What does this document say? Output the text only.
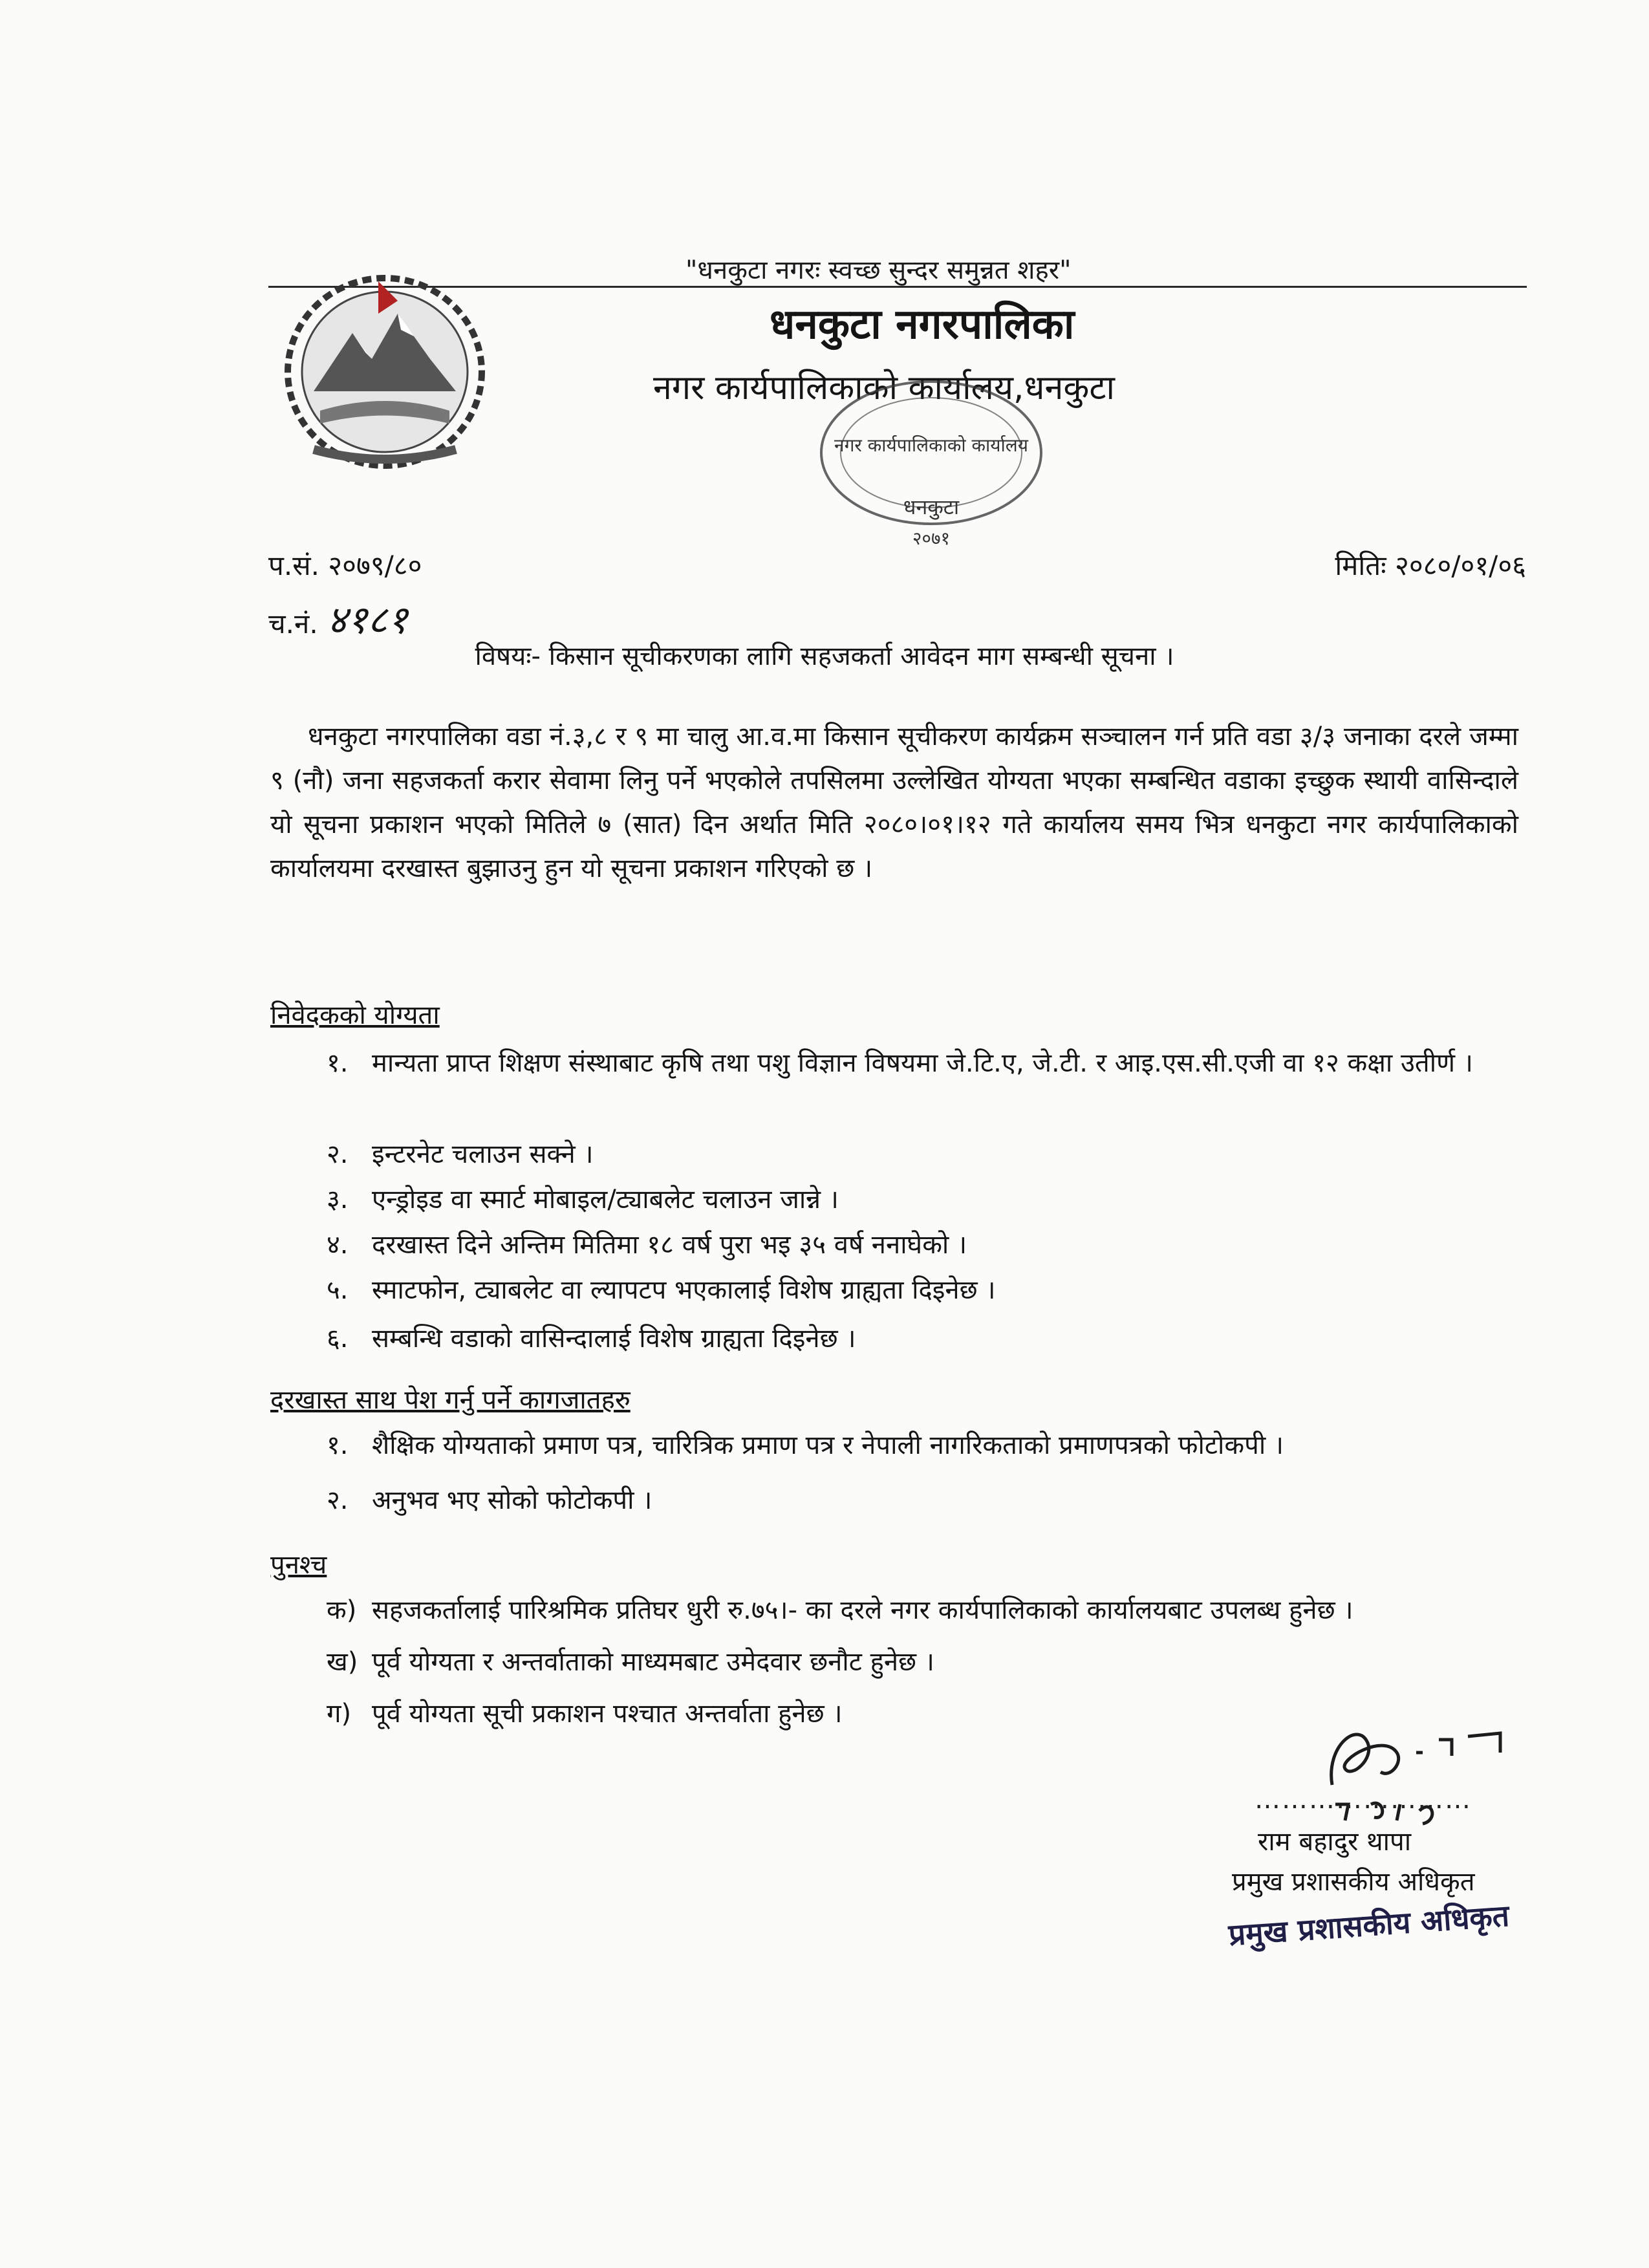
"धनकुटा नगरः स्वच्छ सुन्दर समुन्नत शहर"
धनकुटा नगरपालिका
नगर कार्यपालिकाको कार्यालय,धनकुटा
नगर कार्यपालिकाको कार्यालय
धनकुटा
२०७१
प.सं. २०७९/८०
च.नं. ४१८१
मितिः २०८०/०१/०६
विषयः- किसान सूचीकरणका लागि सहजकर्ता आवेदन माग सम्बन्धी सूचना ।
धनकुटा नगरपालिका वडा नं.३,८ र ९ मा चालु आ.व.मा किसान सूचीकरण कार्यक्रम सञ्चालन गर्न प्रति वडा ३/३ जनाका दरले जम्मा ९ (नौ) जना सहजकर्ता करार सेवामा लिनु पर्ने भएकोले तपसिलमा उल्लेखित योग्यता भएका सम्बन्धित वडाका इच्छुक स्थायी वासिन्दाले यो सूचना प्रकाशन भएको मितिले ७ (सात) दिन अर्थात मिति २०८०।०१।१२ गते कार्यालय समय भित्र धनकुटा नगर कार्यपालिकाको कार्यालयमा दरखास्त बुझाउनु हुन यो सूचना प्रकाशन गरिएको छ ।
निवेदकको योग्यता
१. मान्यता प्राप्त शिक्षण संस्थाबाट कृषि तथा पशु विज्ञान विषयमा जे.टि.ए, जे.टी. र आइ.एस.सी.एजी वा १२ कक्षा उतीर्ण ।
२. इन्टरनेट चलाउन सक्ने ।
३. एन्ड्रोइड वा स्मार्ट मोबाइल/ट्याबलेट चलाउन जान्ने ।
४. दरखास्त दिने अन्तिम मितिमा १८ वर्ष पुरा भइ ३५ वर्ष ननाघेको ।
५. स्माटफोन, ट्याबलेट वा ल्यापटप भएकालाई विशेष ग्राह्यता दिइनेछ ।
६. सम्बन्धि वडाको वासिन्दालाई विशेष ग्राह्यता दिइनेछ ।
दरखास्त साथ पेश गर्नु पर्ने कागजातहरु
१. शैक्षिक योग्यताको प्रमाण पत्र, चारित्रिक प्रमाण पत्र र नेपाली नागरिकताको प्रमाणपत्रको फोटोकपी ।
२. अनुभव भए सोको फोटोकपी ।
पुनश्च
क) सहजकर्तालाई पारिश्रमिक प्रतिघर धुरी रु.७५।- का दरले नगर कार्यपालिकाको कार्यालयबाट उपलब्ध हुनेछ ।
ख) पूर्व योग्यता र अन्तर्वाताको माध्यमबाट उमेदवार छनौट हुनेछ ।
ग) पूर्व योग्यता सूची प्रकाशन पश्चात अन्तर्वाता हुनेछ ।
……………………
राम बहादुर थापा
प्रमुख प्रशासकीय अधिकृत
प्रमुख प्रशासकीय अधिकृत
